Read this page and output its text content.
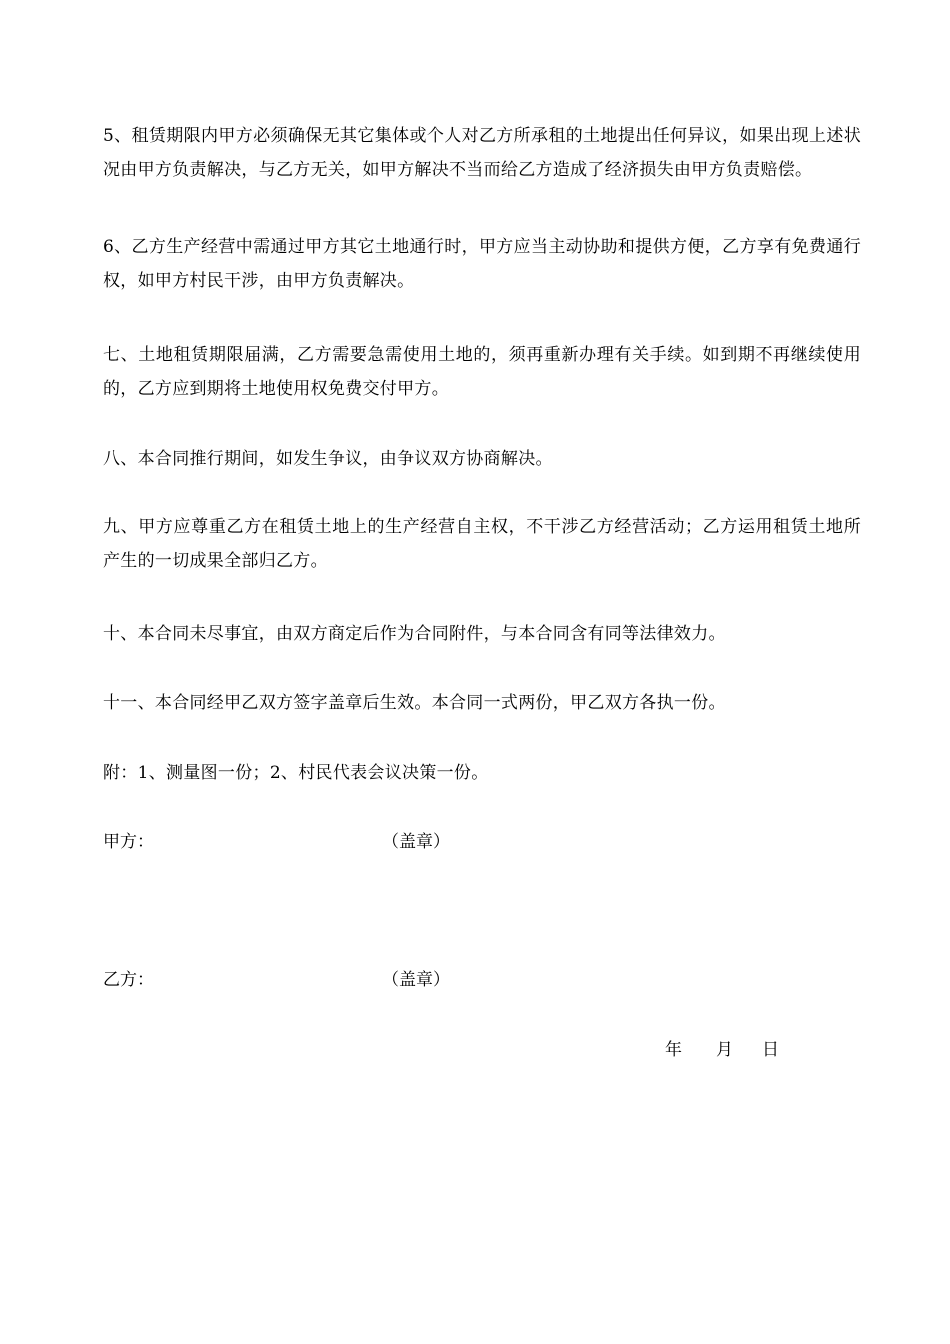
5、租赁期限内甲方必须确保无其它集体或个人对乙方所承租的土地提出任何异议，如果出现上述状况由甲方负责解决，与乙方无关，如甲方解决不当而给乙方造成了经济损失由甲方负责赔偿。

6、乙方生产经营中需通过甲方其它土地通行时，甲方应当主动协助和提供方便，乙方享有免费通行权，如甲方村民干涉，由甲方负责解决。

七、土地租赁期限届满，乙方需要急需使用土地的，须再重新办理有关手续。如到期不再继续使用的，乙方应到期将土地使用权免费交付甲方。

八、本合同推行期间，如发生争议，由争议双方协商解决。

九、甲方应尊重乙方在租赁土地上的生产经营自主权，不干涉乙方经营活动；乙方运用租赁土地所产生的一切成果全部归乙方。

十、本合同未尽事宜，由双方商定后作为合同附件，与本合同含有同等法律效力。

十一、本合同经甲乙双方签字盖章后生效。本合同一式两份，甲乙双方各执一份。

附：1、测量图一份；2、村民代表会议决策一份。

甲方：	（盖章）

乙方：	（盖章）

年 月 日
